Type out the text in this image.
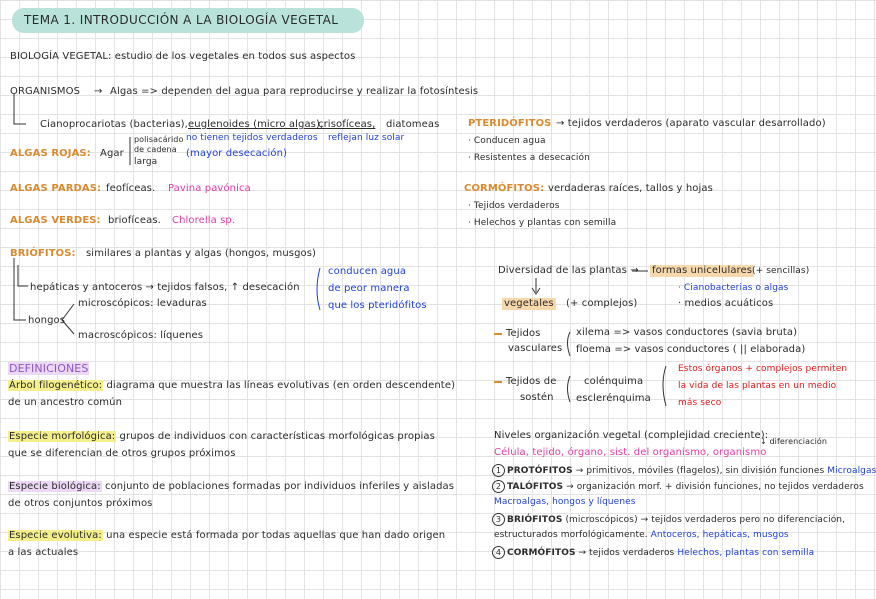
TEMA 1. INTRODUCCIÓN A LA BIOLOGÍA VEGETAL
BIOLOGÍA VEGETAL: estudio de los vegetales en todos sus aspectos
ORGANISMOS → Algas => dependen del agua para reproducirse y realizar la fotosíntesis
Cianoprocariotas (bacterias), euglenoides (micro algas),
crisofíceas, diatomeas
no tienen tejidos verdaderos reflejan luz solar
ALGAS ROJAS: Agar
polisacárido
de cadena
larga
(mayor desecación)
ALGAS PARDAS: feofíceas. Pavina pavónica
ALGAS VERDES: briofíceas. Chlorella sp.
BRIÓFITOS: similares a plantas y algas (hongos, musgos)
hepáticas y antoceros → tejidos falsos, ↑ desecación
microscópicos: levaduras
hongos
macroscópicos: líquenes
conducen agua
de peor manera
que los pteridófitos
PTERIDÓFITOS → tejidos verdaderos (aparato vascular desarrollado)
· Conducen agua
· Resistentes a desecación
CORMÓFITOS: verdaderas raíces, tallos y hojas
· Tejidos verdaderos
· Helechos y plantas con semilla
Diversidad de las plantas → formas unicelulares (+ sencillas)
· Cianobacterias o algas
· medios acuáticos
vegetales (+ complejos)
Tejidos
vasculares
xilema => vasos conductores (savia bruta)
floema => vasos conductores ( || elaborada)
Tejidos de
sostén
colénquima
esclerénquima
Estos órganos + complejos permiten
la vida de las plantas en un medio
más seco
DEFINICIONES
Árbol filogenético: diagrama que muestra las líneas evolutivas (en orden descendente)
de un ancestro común
Especie morfológica: grupos de individuos con características morfológicas propias
que se diferencian de otros grupos próximos
Especie biológica: conjunto de poblaciones formadas por individuos inferiles y aisladas
de otros conjuntos próximos
Especie evolutiva: una especie está formada por todas aquellas que han dado origen
a las actuales
Niveles organización vegetal (complejidad creciente):
↓ diferenciación
Célula, tejido, órgano, sist. del organismo, organismo
1 PROTÓFITOS → primitivos, móviles (flagelos), sin división funciones Microalgas
2 TALÓFITOS → organización morf. + división funciones, no tejidos verdaderos
Macroalgas, hongos y líquenes
3 BRIÓFITOS (microscópicos) → tejidos verdaderos pero no diferenciación,
estructurados morfológicamente. Antoceros, hepáticas, musgos
4 CORMÓFITOS → tejidos verdaderos Helechos, plantas con semilla
